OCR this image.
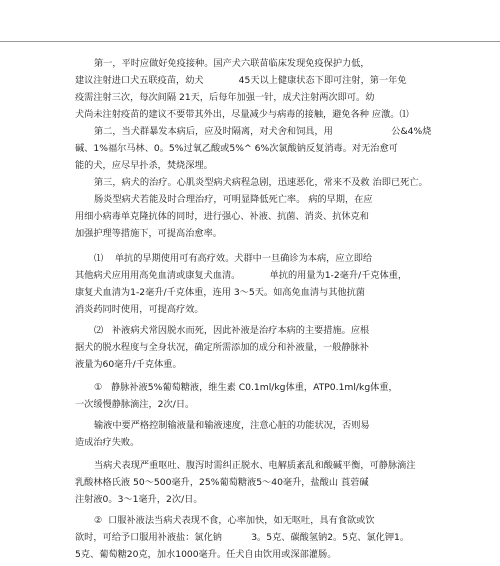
第一，平时应做好免疫接种。国产犬六联苗临床发现免疫保护力低，
建议注射进口犬五联疫苗，幼犬            45天以上健康状态下即可注射，第一年免
疫需注射三次，每次间隔 21天，后每年加强一针，成犬注射两次即可。幼
犬尚未注射疫苗的建议不要带其外出，尽量减少与病毒的接触，避免各种 应激。⑴
第二，当犬群暴发本病后，应及时隔离，对犬舍和饲具，用                    公&4%烧
碱、1%福尔马林、0。5%过氧乙酸或5%^ 6%次氯酸钠反复消毒。对无治愈可
能的犬，应尽早扑杀，焚烧深埋。
第三，病犬的治疗。心肌炎型病犬病程急剧，迅速恶化，常来不及救 治即已死亡。
肠炎型病犬若能及时合理治疗，可明显降低死亡率。 病的早期，在应
用细小病毒单克隆抗体的同时，进行强心、补液、抗菌、消炎、抗休克和
加强护理等措施下，可提高治愈率。
⑴    单抗的早期使用可有高疗效。犬群中一旦确诊为本病，应立即给
其他病犬应用用高免血清或康复犬血清。          单抗的用量为1-2毫升/千克体重，
康复犬血清为1-2毫升/千克体重，连用 3～5天。如高免血清与其他抗菌
消炎药同时使用，可提高疗效。
⑵   补液病犬常因脱水而死，因此补液是治疗本病的主要措施。应根
据犬的脱水程度与全身状况，确定所需添加的成分和补液量，一般静脉补
液量为60毫升/千克体重。
①   静脉补液5%葡萄糖液，维生素 C0.1ml/kg体重，ATP0.1ml/kg体重，
一次缓慢静脉滴注，2次/日。
输液中要严格控制输液量和输液速度，注意心脏的功能状况，否则易
造成治疗失败。
当病犬表现严重呕吐、腹泻时需纠正脱水、电解质紊乱和酸碱平衡，可静脉滴注
乳酸林格氏液 50～500毫升，25%葡萄糖液5～40毫升，盐酸山 莨菪碱
注射液0。3～1毫升，2次/日。
②  口服补液法当病犬表现不食，心率加快，如无呕吐，具有食欲或饮
欲时，可给予口服用补液盐：氯化钠          3。5克、碳酸氢钠2。5克、氯化钾1。
5克、葡萄糖20克，加水1000毫升。任犬自由饮用或深部灌肠。
